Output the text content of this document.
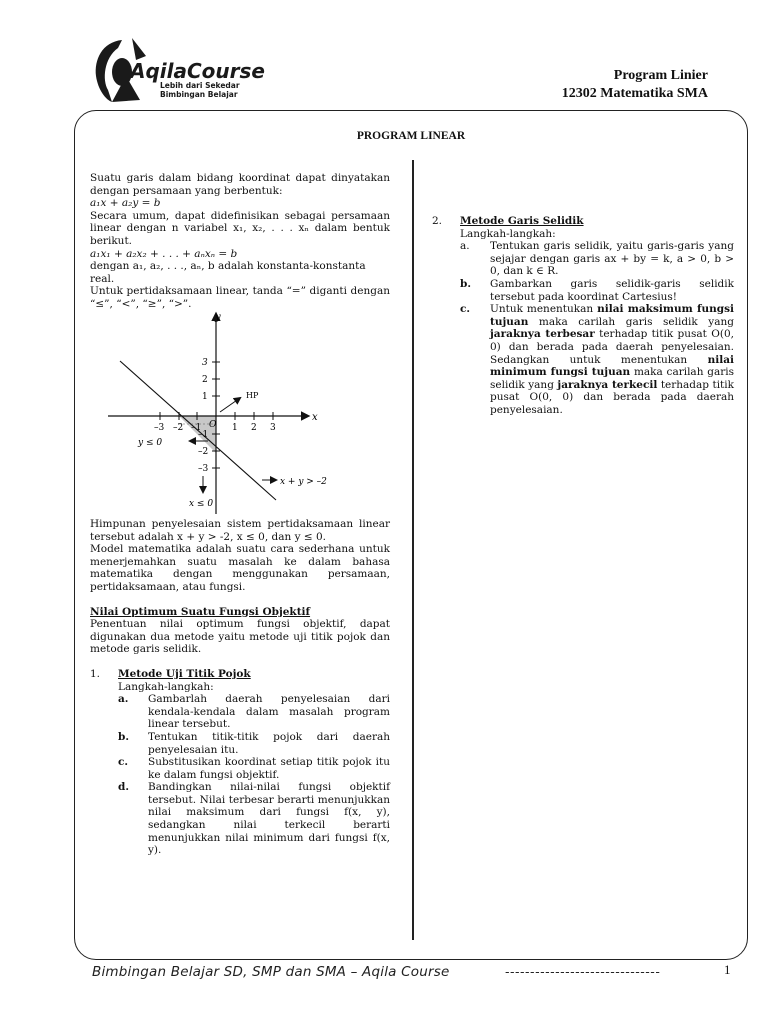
AqilaCourse
Lebih dari Sekedar
Bimbingan Belajar
Program Linier
12302 Matematika SMA
PROGRAM LINEAR

Suatu garis dalam bidang koordinat dapat dinyatakan dengan persamaan yang berbentuk:

a₁x + a₂y = b

Secara umum, dapat didefinisikan sebagai persamaan linear dengan n variabel x₁, x₂, . . . xₙ dalam bentuk berikut.

a₁x₁ + a₂x₂ + . . . + aₙxₙ = b

dengan a₁, a₂, . . ., aₙ, b adalah konstanta-konstanta real.

Untuk pertidaksamaan linear, tanda “=” diganti dengan “≤”, “<”, “≥”, “>”.

3
2
1
–1
–2
–3
–3 –2 –1	1 2 3
x
y
O
HP
y ≤ 0
x ≤ 0
x + y > –2

Himpunan penyelesaian sistem pertidaksamaan linear tersebut adalah x + y > -2, x ≤ 0, dan y ≤ 0.

Model matematika adalah suatu cara sederhana untuk menerjemahkan suatu masalah ke dalam bahasa matematika dengan menggunakan persamaan, pertidaksamaan, atau fungsi.

Nilai Optimum Suatu Fungsi Objektif

Penentuan nilai optimum fungsi objektif, dapat digunakan dua metode yaitu metode uji titik pojok dan metode garis selidik.

1.	Metode Uji Titik Pojok

Langkah-langkah:

a.	Gambarlah daerah penyelesaian dari kendala-kendala dalam masalah program linear tersebut.
b.	Tentukan titik-titik pojok dari daerah penyelesaian itu.
c.	Substitusikan koordinat setiap titik pojok itu ke dalam fungsi objektif.
d.	Bandingkan nilai-nilai fungsi objektif tersebut. Nilai terbesar berarti menunjukkan nilai maksimum dari fungsi f(x, y), sedangkan nilai terkecil berarti menunjukkan nilai minimum dari fungsi f(x, y).
2.	Metode Garis Selidik

Langkah-langkah:

a.	Tentukan garis selidik, yaitu garis-garis yang sejajar dengan garis ax + by = k, a > 0, b > 0, dan k ∈ R.
b.	Gambarkan garis selidik-garis selidik tersebut pada koordinat Cartesius!
c.	Untuk menentukan nilai maksimum fungsi tujuan maka carilah garis selidik yang jaraknya terbesar terhadap titik pusat O(0, 0) dan berada pada daerah penyelesaian. Sedangkan untuk menentukan nilai minimum fungsi tujuan maka carilah garis selidik yang jaraknya terkecil terhadap titik pusat O(0, 0) dan berada pada daerah penyelesaian.
Bimbingan Belajar SD, SMP dan SMA – Aqila Course	-------------------------------	1
